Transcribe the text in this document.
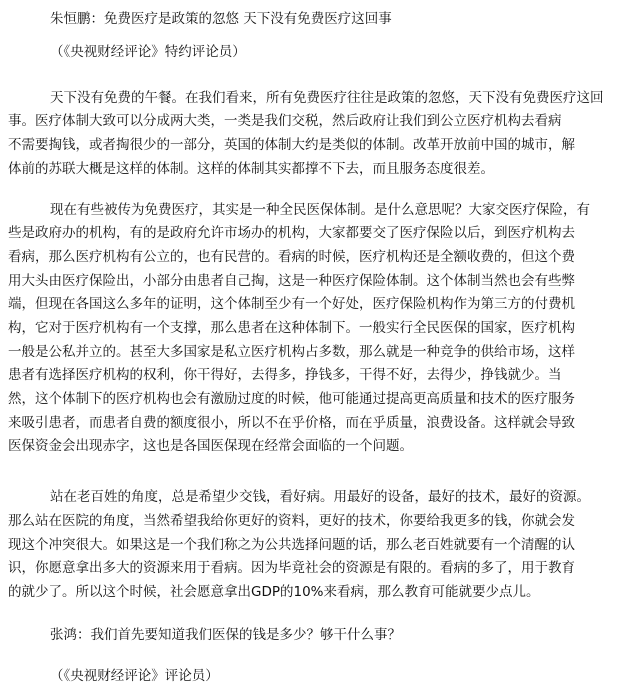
朱恒鹏：免费医疗是政策的忽悠 天下没有免费医疗这回事
（《央视财经评论》特约评论员）
天下没有免费的午餐。在我们看来，所有免费医疗往往是政策的忽悠，天下没有免费医疗这回
事。医疗体制大致可以分成两大类，一类是我们交税，然后政府让我们到公立医疗机构去看病
不需要掏钱，或者掏很少的一部分，英国的体制大约是类似的体制。改革开放前中国的城市，解
体前的苏联大概是这样的体制。这样的体制其实都撑不下去，而且服务态度很差。
现在有些被传为免费医疗，其实是一种全民医保体制。是什么意思呢？大家交医疗保险，有
些是政府办的机构，有的是政府允许市场办的机构，大家都要交了医疗保险以后，到医疗机构去
看病，那么医疗机构有公立的，也有民营的。看病的时候，医疗机构还是全额收费的，但这个费
用大头由医疗保险出，小部分由患者自己掏，这是一种医疗保险体制。这个体制当然也会有些弊
端，但现在各国这么多年的证明，这个体制至少有一个好处，医疗保险机构作为第三方的付费机
构，它对于医疗机构有一个支撑，那么患者在这种体制下。一般实行全民医保的国家，医疗机构
一般是公私并立的。甚至大多国家是私立医疗机构占多数，那么就是一种竞争的供给市场，这样
患者有选择医疗机构的权利，你干得好，去得多，挣钱多，干得不好，去得少，挣钱就少。当
然，这个体制下的医疗机构也会有激励过度的时候，他可能通过提高更高质量和技术的医疗服务
来吸引患者，而患者自费的额度很小，所以不在乎价格，而在乎质量，浪费设备。这样就会导致
医保资金会出现赤字，这也是各国医保现在经常会面临的一个问题。
站在老百姓的角度，总是希望少交钱，看好病。用最好的设备，最好的技术，最好的资源。
那么站在医院的角度，当然希望我给你更好的资料，更好的技术，你要给我更多的钱，你就会发
现这个冲突很大。如果这是一个我们称之为公共选择问题的话，那么老百姓就要有一个清醒的认
识，你愿意拿出多大的资源来用于看病。因为毕竟社会的资源是有限的。看病的多了，用于教育
的就少了。所以这个时候，社会愿意拿出GDP的10%来看病，那么教育可能就要少点儿。
张鸿：我们首先要知道我们医保的钱是多少？够干什么事？
（《央视财经评论》评论员）
